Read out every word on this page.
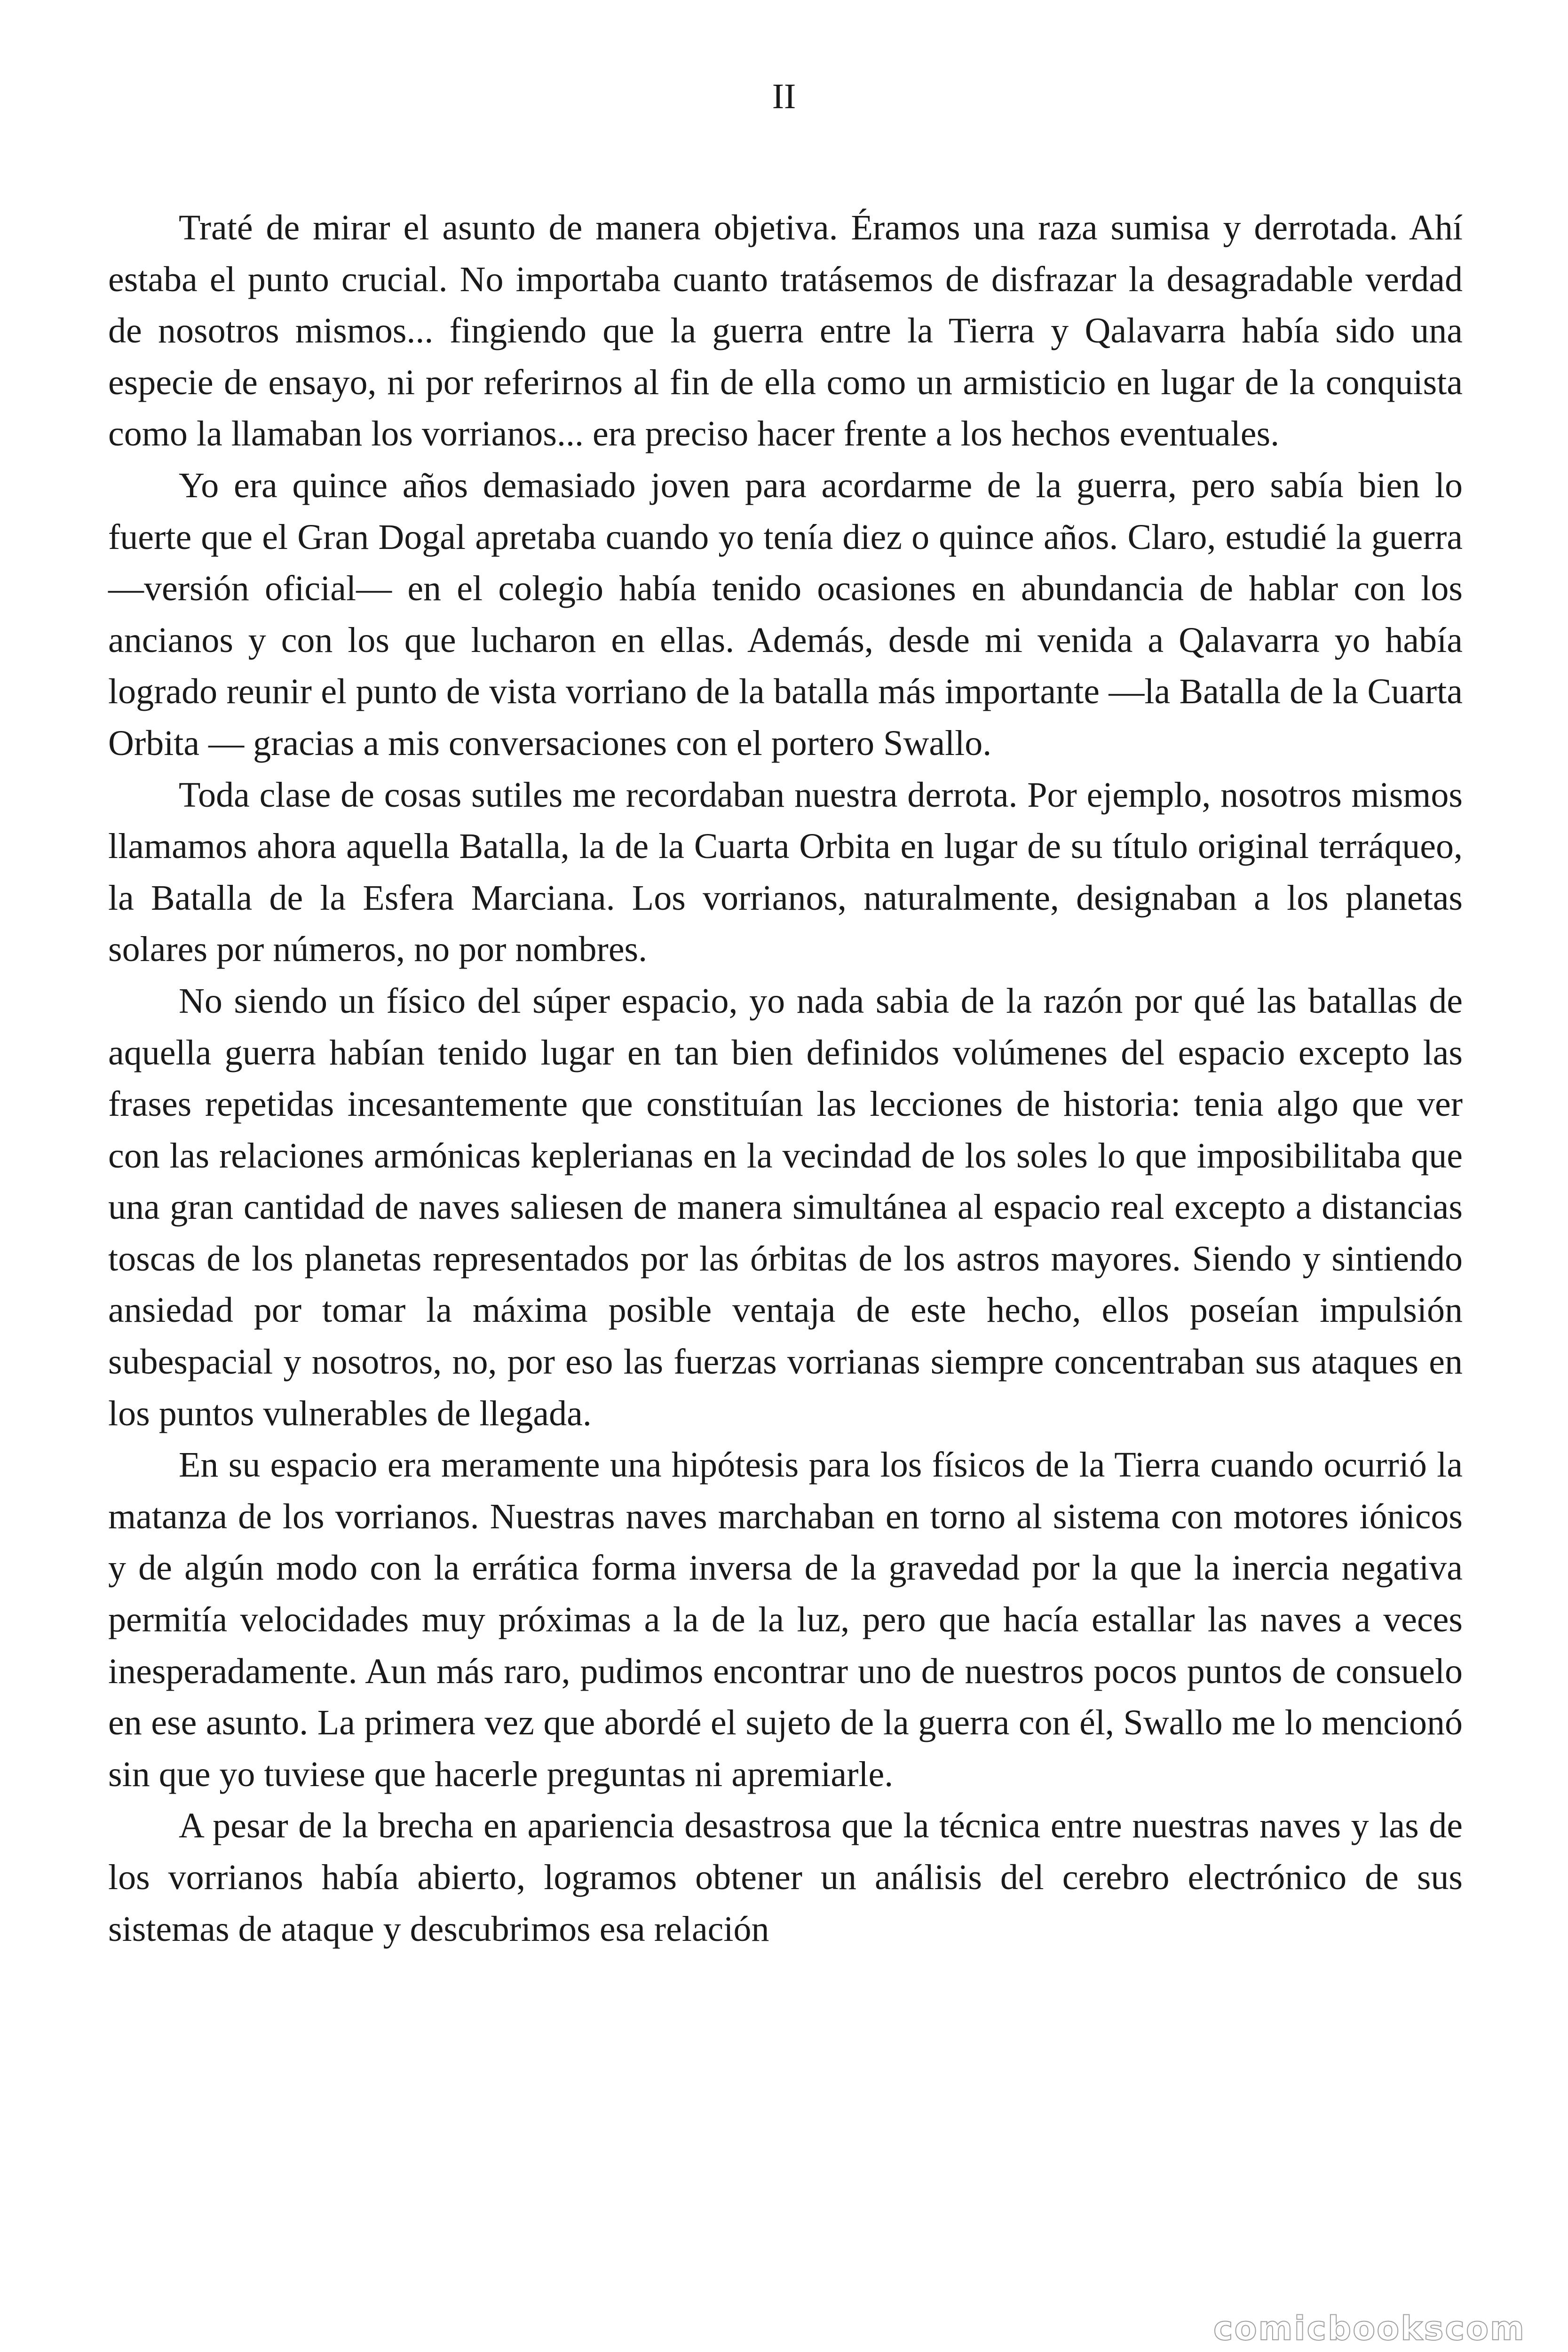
II

Traté de mirar el asunto de manera objetiva. Éramos una raza sumisa y derrotada. Ahí estaba el punto crucial. No importaba cuanto tratásemos de disfrazar la desagradable verdad de nosotros mismos... fingiendo que la guerra entre la Tierra y Qalavarra había sido una especie de ensayo, ni por referirnos al fin de ella como un armisticio en lugar de la conquista como la llamaban los vorrianos... era preciso hacer frente a los hechos eventuales.

Yo era quince años demasiado joven para acordarme de la guerra, pero sabía bien lo fuerte que el Gran Dogal apretaba cuando yo tenía diez o quince años. Claro, estudié la guerra —versión oficial— en el colegio había tenido ocasiones en abundancia de hablar con los ancianos y con los que lucharon en ellas. Además, desde mi venida a Qalavarra yo había logrado reunir el punto de vista vorriano de la batalla más importante —la Batalla de la Cuarta Orbita — gracias a mis conversaciones con el portero Swallo.

Toda clase de cosas sutiles me recordaban nuestra derrota. Por ejemplo, nosotros mismos llamamos ahora aquella Batalla, la de la Cuarta Orbita en lugar de su título original terráqueo, la Batalla de la Esfera Marciana. Los vorrianos, naturalmente, designaban a los planetas solares por números, no por nombres.

No siendo un físico del súper espacio, yo nada sabia de la razón por qué las batallas de aquella guerra habían tenido lugar en tan bien definidos volúmenes del espacio excepto las frases repetidas incesantemente que constituían las lecciones de historia: tenia algo que ver con las relaciones armónicas keplerianas en la vecindad de los soles lo que imposibilitaba que una gran cantidad de naves saliesen de manera simultánea al espacio real excepto a distancias toscas de los planetas representados por las órbitas de los astros mayores. Siendo y sintiendo ansiedad por tomar la máxima posible ventaja de este hecho, ellos poseían impulsión subespacial y nosotros, no, por eso las fuerzas vorrianas siempre concentraban sus ataques en los puntos vulnerables de llegada.

En su espacio era meramente una hipótesis para los físicos de la Tierra cuando ocurrió la matanza de los vorrianos. Nuestras naves marchaban en torno al sistema con motores iónicos y de algún modo con la errática forma inversa de la gravedad por la que la inercia negativa permitía velocidades muy próximas a la de la luz, pero que hacía estallar las naves a veces inesperadamente. Aun más raro, pudimos encontrar uno de nuestros pocos puntos de consuelo en ese asunto. La primera vez que abordé el sujeto de la guerra con él, Swallo me lo mencionó sin que yo tuviese que hacerle preguntas ni apremiarle.

A pesar de la brecha en apariencia desastrosa que la técnica entre nuestras naves y las de los vorrianos había abierto, logramos obtener un análisis del cerebro electrónico de sus sistemas de ataque y descubrimos esa relación

comicbookscom
